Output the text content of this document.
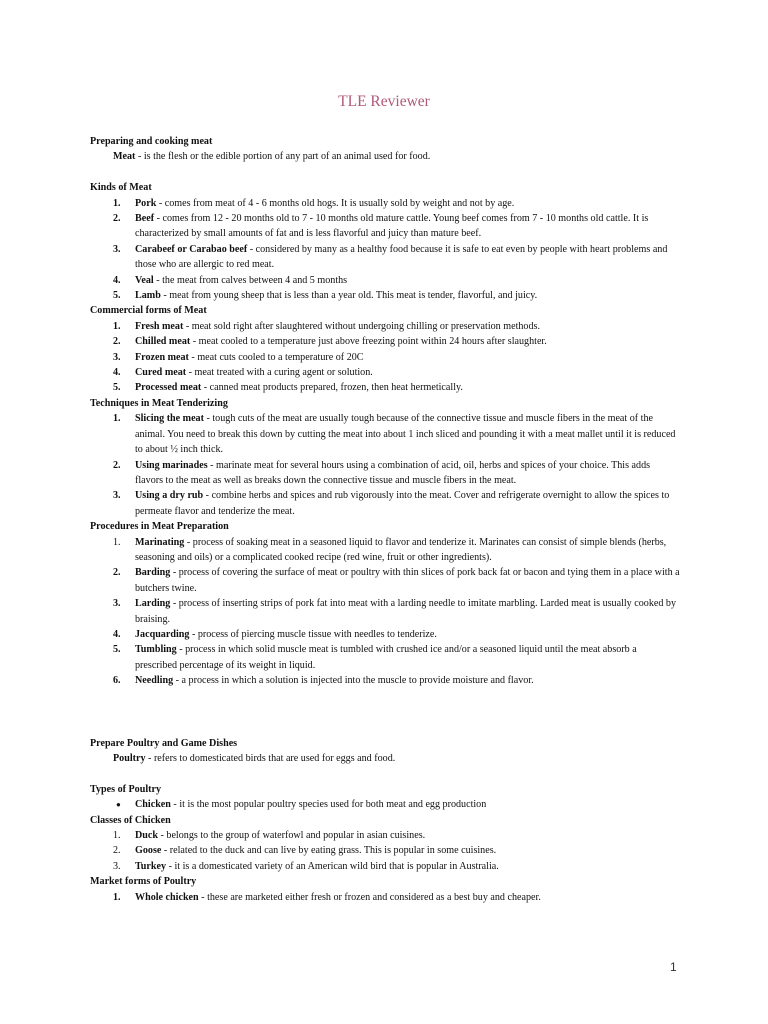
TLE Reviewer
Preparing and cooking meat
Meat - is the flesh or the edible portion of any part of an animal used for food.
Kinds of Meat
1. Pork - comes from meat of 4 - 6 months old hogs. It is usually sold by weight and not by age.
2. Beef - comes from 12 - 20 months old to 7 - 10 months old mature cattle. Young beef comes from 7 - 10 months old cattle. It is characterized by small amounts of fat and is less flavorful and juicy than mature beef.
3. Carabeef or Carabao beef - considered by many as a healthy food because it is safe to eat even by people with heart problems and those who are allergic to red meat.
4. Veal - the meat from calves between 4 and 5 months
5. Lamb - meat from young sheep that is less than a year old. This meat is tender, flavorful, and juicy.
Commercial forms of Meat
1. Fresh meat - meat sold right after slaughtered without undergoing chilling or preservation methods.
2. Chilled meat - meat cooled to a temperature just above freezing point within 24 hours after slaughter.
3. Frozen meat - meat cuts cooled to a temperature of 20C
4. Cured meat - meat treated with a curing agent or solution.
5. Processed meat - canned meat products prepared, frozen, then heat hermetically.
Techniques in Meat Tenderizing
1. Slicing the meat - tough cuts of the meat are usually tough because of the connective tissue and muscle fibers in the meat of the animal. You need to break this down by cutting the meat into about 1 inch sliced and pounding it with a meat mallet until it is reduced to about ½ inch thick.
2. Using marinades - marinate meat for several hours using a combination of acid, oil, herbs and spices of your choice. This adds flavors to the meat as well as breaks down the connective tissue and muscle fibers in the meat.
3. Using a dry rub - combine herbs and spices and rub vigorously into the meat. Cover and refrigerate overnight to allow the spices to permeate flavor and tenderize the meat.
Procedures in Meat Preparation
1. Marinating - process of soaking meat in a seasoned liquid to flavor and tenderize it. Marinates can consist of simple blends (herbs, seasoning and oils) or a complicated cooked recipe (red wine, fruit or other ingredients).
2. Barding - process of covering the surface of meat or poultry with thin slices of pork back fat or bacon and tying them in a place with a butchers twine.
3. Larding - process of inserting strips of pork fat into meat with a larding needle to imitate marbling. Larded meat is usually cooked by braising.
4. Jacquarding - process of piercing muscle tissue with needles to tenderize.
5. Tumbling - process in which solid muscle meat is tumbled with crushed ice and/or a seasoned liquid until the meat absorb a prescribed percentage of its weight in liquid.
6. Needling - a process in which a solution is injected into the muscle to provide moisture and flavor.
Prepare Poultry and Game Dishes
Poultry - refers to domesticated birds that are used for eggs and food.
Types of Poultry
● Chicken - it is the most popular poultry species used for both meat and egg production
Classes of Chicken
1. Duck - belongs to the group of waterfowl and popular in asian cuisines.
2. Goose - related to the duck and can live by eating grass. This is popular in some cuisines.
3. Turkey - it is a domesticated variety of an American wild bird that is popular in Australia.
Market forms of Poultry
1. Whole chicken - these are marketed either fresh or frozen and considered as a best buy and cheaper.
1
